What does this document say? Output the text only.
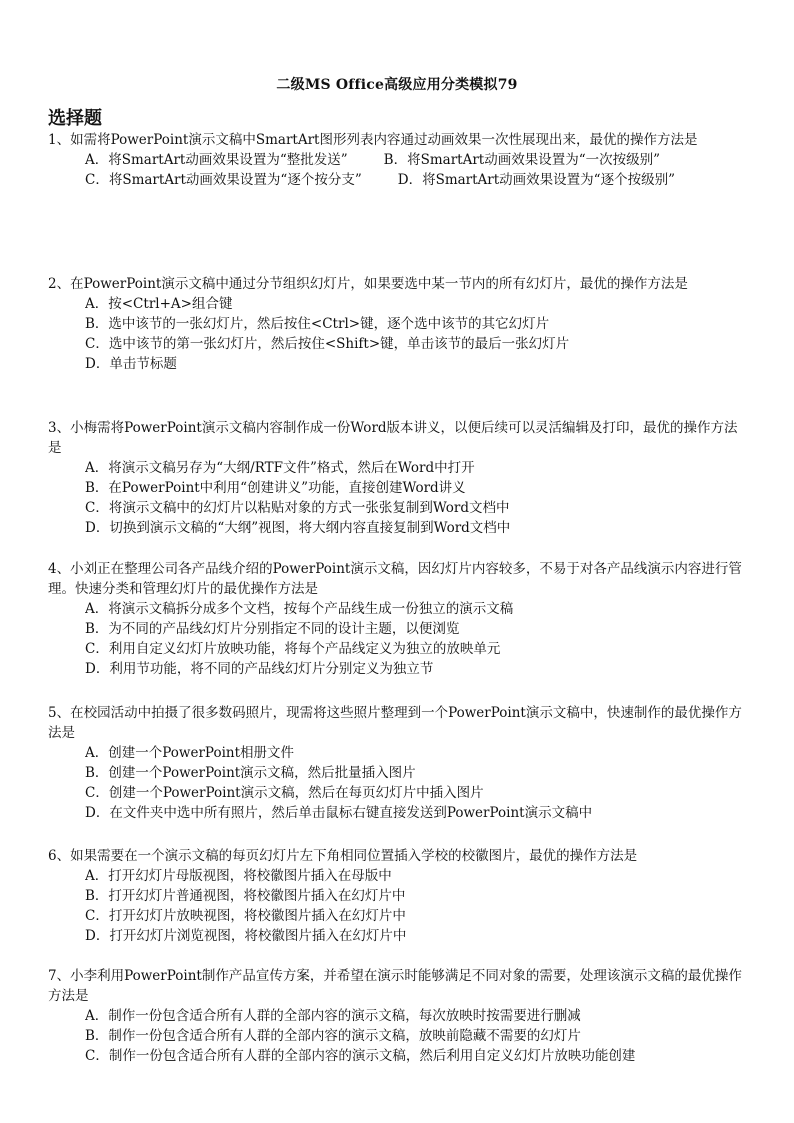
二级MS Office高级应用分类模拟79
选择题

1、如需将PowerPoint演示文稿中SmartArt图形列表内容通过动画效果一次性展现出来，最优的操作方法是

A．将SmartArt动画效果设置为“整批发送”	B．将SmartArt动画效果设置为“一次按级别”

C．将SmartArt动画效果设置为“逐个按分支”	D．将SmartArt动画效果设置为“逐个按级别”

2、在PowerPoint演示文稿中通过分节组织幻灯片，如果要选中某一节内的所有幻灯片，最优的操作方法是

A．按<Ctrl+A>组合键
B．选中该节的一张幻灯片，然后按住<Ctrl>键，逐个选中该节的其它幻灯片
C．选中该节的第一张幻灯片，然后按住<Shift>键，单击该节的最后一张幻灯片
D．单击节标题

3、小梅需将PowerPoint演示文稿内容制作成一份Word版本讲义，以便后续可以灵活编辑及打印，最优的操作方法是

A．将演示文稿另存为“大纲/RTF文件”格式，然后在Word中打开
B．在PowerPoint中利用“创建讲义”功能，直接创建Word讲义
C．将演示文稿中的幻灯片以粘贴对象的方式一张张复制到Word文档中
D．切换到演示文稿的“大纲”视图，将大纲内容直接复制到Word文档中

4、小刘正在整理公司各产品线介绍的PowerPoint演示文稿，因幻灯片内容较多，不易于对各产品线演示内容进行管理。快速分类和管理幻灯片的最优操作方法是

A．将演示文稿拆分成多个文档，按每个产品线生成一份独立的演示文稿
B．为不同的产品线幻灯片分别指定不同的设计主题，以便浏览
C．利用自定义幻灯片放映功能，将每个产品线定义为独立的放映单元
D．利用节功能，将不同的产品线幻灯片分别定义为独立节

5、在校园活动中拍摄了很多数码照片，现需将这些照片整理到一个PowerPoint演示文稿中，快速制作的最优操作方法是

A．创建一个PowerPoint相册文件
B．创建一个PowerPoint演示文稿，然后批量插入图片
C．创建一个PowerPoint演示文稿，然后在每页幻灯片中插入图片
D．在文件夹中选中所有照片，然后单击鼠标右键直接发送到PowerPoint演示文稿中

6、如果需要在一个演示文稿的每页幻灯片左下角相同位置插入学校的校徽图片，最优的操作方法是

A．打开幻灯片母版视图，将校徽图片插入在母版中
B．打开幻灯片普通视图，将校徽图片插入在幻灯片中
C．打开幻灯片放映视图，将校徽图片插入在幻灯片中
D．打开幻灯片浏览视图，将校徽图片插入在幻灯片中

7、小李利用PowerPoint制作产品宣传方案，并希望在演示时能够满足不同对象的需要，处理该演示文稿的最优操作方法是

A．制作一份包含适合所有人群的全部内容的演示文稿，每次放映时按需要进行删减
B．制作一份包含适合所有人群的全部内容的演示文稿，放映前隐藏不需要的幻灯片
C．制作一份包含适合所有人群的全部内容的演示文稿，然后利用自定义幻灯片放映功能创建
